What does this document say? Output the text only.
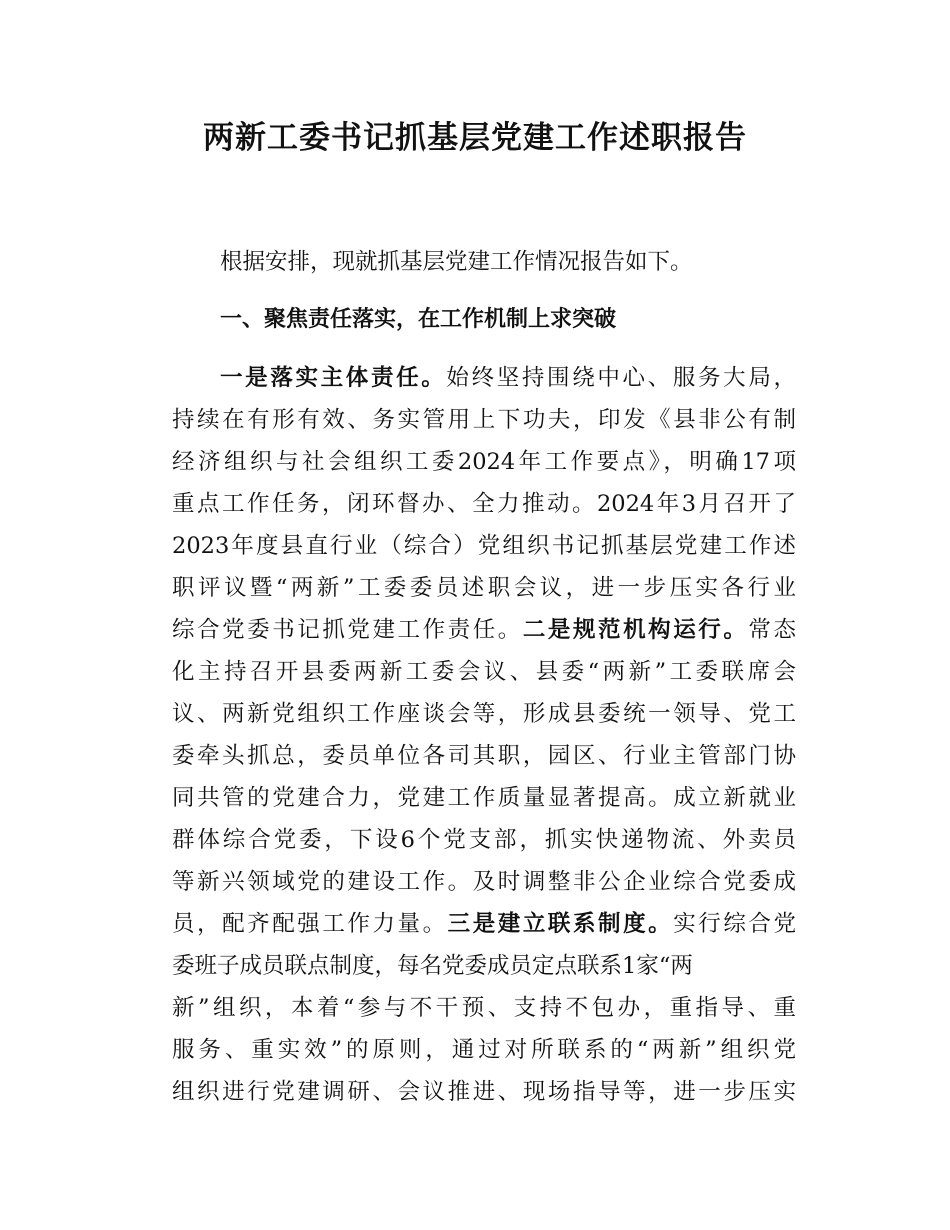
两新工委书记抓基层党建工作述职报告
根据安排，现就抓基层党建工作情况报告如下。
一、聚焦责任落实，在工作机制上求突破
一是落实主体责任。始终坚持围绕中心、服务大局，
持续在有形有效、务实管用上下功夫，印发《县非公有制
经济组织与社会组织工委2024年工作要点》，明确17项
重点工作任务，闭环督办、全力推动。2024年3月召开了
2023年度县直行业（综合）党组织书记抓基层党建工作述
职评议暨“两新”工委委员述职会议，进一步压实各行业
综合党委书记抓党建工作责任。二是规范机构运行。常态
化主持召开县委两新工委会议、县委“两新”工委联席会
议、两新党组织工作座谈会等，形成县委统一领导、党工
委牵头抓总，委员单位各司其职，园区、行业主管部门协
同共管的党建合力，党建工作质量显著提高。成立新就业
群体综合党委，下设6个党支部，抓实快递物流、外卖员
等新兴领域党的建设工作。及时调整非公企业综合党委成
员，配齐配强工作力量。三是建立联系制度。实行综合党
委班子成员联点制度，每名党委成员定点联系1家“两
新”组织，本着“参与不干预、支持不包办，重指导、重
服务、重实效”的原则，通过对所联系的“两新”组织党
组织进行党建调研、会议推进、现场指导等，进一步压实
